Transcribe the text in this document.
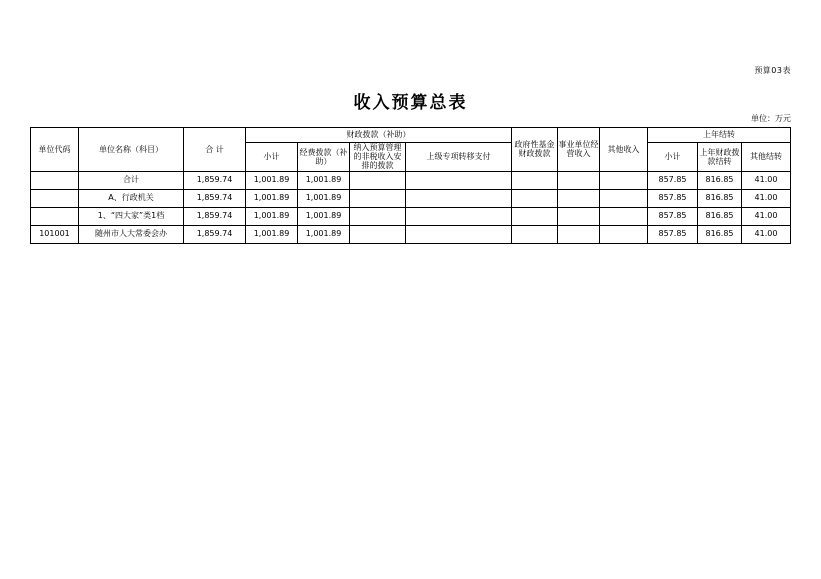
预算03表
收入预算总表
单位：万元
单位代码	单位名称（科目）	合 计	财政拨款（补助）				政府性基金财政拨款	事业单位经营收入	其他收入	上年结转		
			小计	经费拨款（补助）	纳入预算管理的非税收入安排的拨款	上级专项转移支付				小计	上年财政拨款结转	其他结转

	合计	1,859.74	1,001.89	1,001.89						857.85	816.85	41.00
	A、行政机关	1,859.74	1,001.89	1,001.89						857.85	816.85	41.00
	1、“四大家”类1档	1,859.74	1,001.89	1,001.89						857.85	816.85	41.00
101001	随州市人大常委会办	1,859.74	1,001.89	1,001.89						857.85	816.85	41.00
